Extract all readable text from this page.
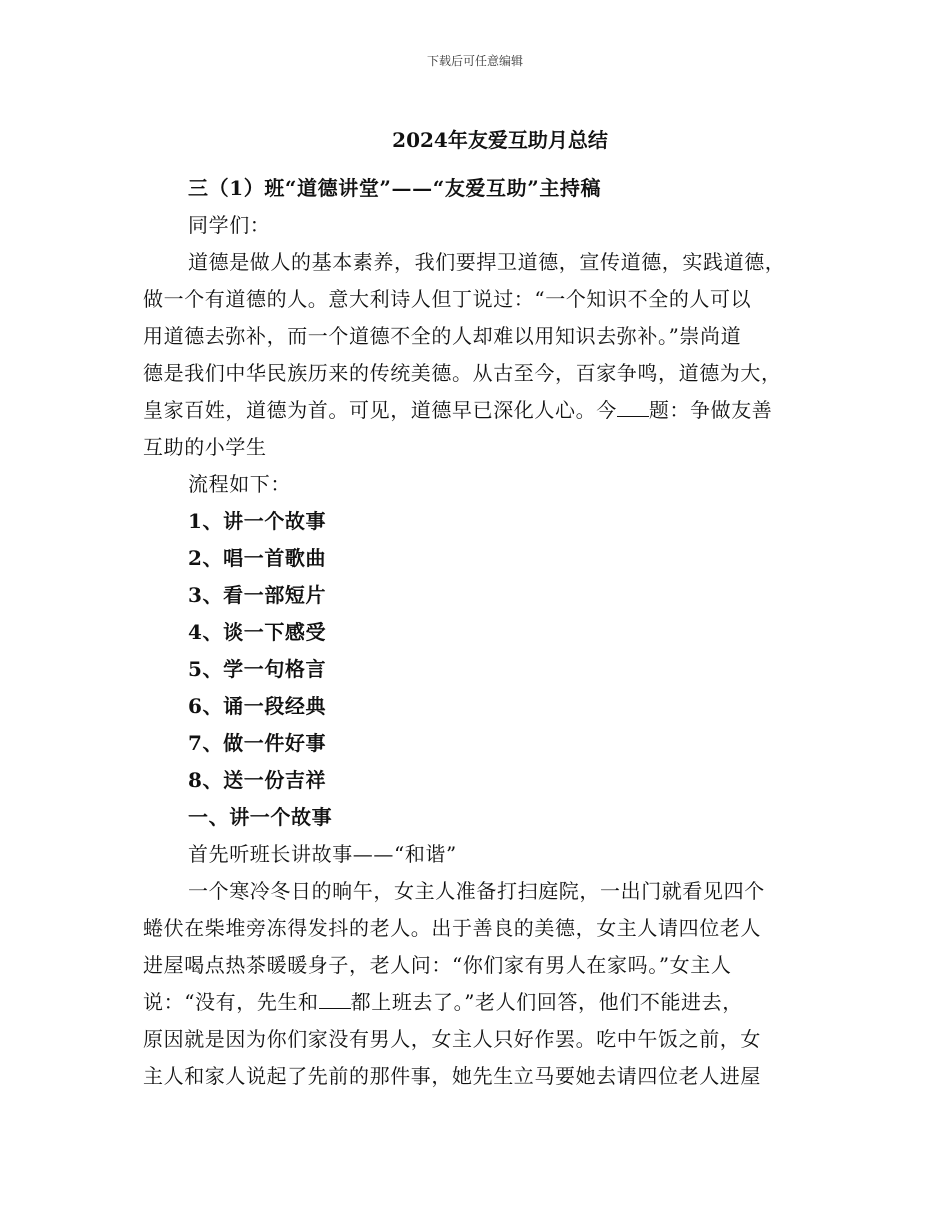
下载后可任意编辑
2024年友爱互助月总结
三（1）班“道德讲堂”——“友爱互助”主持稿
同学们：
道德是做人的基本素养，我们要捍卫道德，宣传道德，实践道德，
做一个有道德的人。意大利诗人但丁说过：“一个知识不全的人可以
用道德去弥补，而一个道德不全的人却难以用知识去弥补。”崇尚道
德是我们中华民族历来的传统美德。从古至今，百家争鸣，道德为大，
皇家百姓，道德为首。可见，道德早已深化人心。今 题：争做友善
互助的小学生
流程如下：
1、讲一个故事
2、唱一首歌曲
3、看一部短片
4、谈一下感受
5、学一句格言
6、诵一段经典
7、做一件好事
8、送一份吉祥
一、讲一个故事
首先听班长讲故事——“和谐”
一个寒冷冬日的晌午，女主人准备打扫庭院，一出门就看见四个
蜷伏在柴堆旁冻得发抖的老人。出于善良的美德，女主人请四位老人
进屋喝点热茶暖暖身子，老人问：“你们家有男人在家吗。”女主人
说：“没有，先生和 都上班去了。”老人们回答，他们不能进去，
原因就是因为你们家没有男人，女主人只好作罢。吃中午饭之前，女
主人和家人说起了先前的那件事，她先生立马要她去请四位老人进屋
